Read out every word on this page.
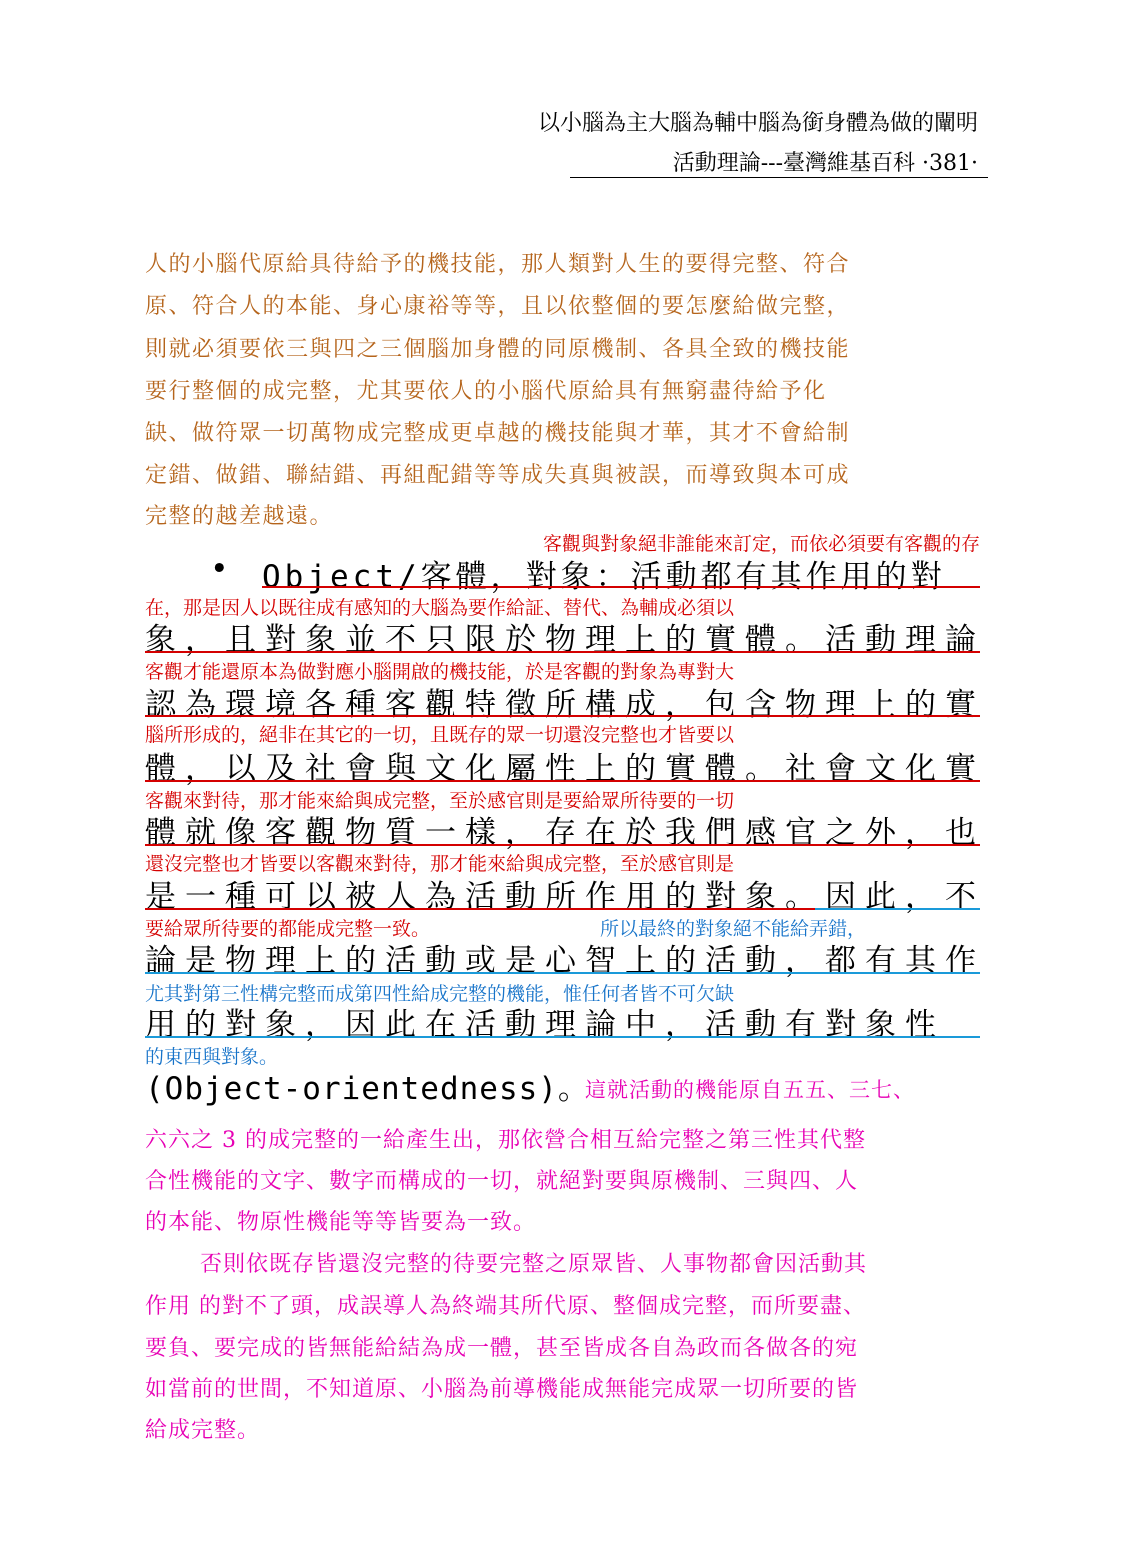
以小腦為主大腦為輔中腦為銜身體為做的闡明
活動理論---臺灣維基百科 ·381·
人的小腦代原給具待給予的機技能，那人類對人生的要得完整、符合
原、符合人的本能、身心康裕等等，且以依整個的要怎麼給做完整，
則就必須要依三與四之三個腦加身體的同原機制、各具全致的機技能
要行整個的成完整，尤其要依人的小腦代原給具有無窮盡待給予化
缺、做符眾一切萬物成完整成更卓越的機技能與才華，其才不會給制
定錯、做錯、聯結錯、再組配錯等等成失真與被誤，而導致與本可成
完整的越差越遠。
客觀與對象絕非誰能來訂定，而依必須要有客觀的存
• Object/客體，對象：活動都有其作用的對
在，那是因人以既往成有感知的大腦為要作給証、替代、為輔成必須以
象，且對象並不只限於物理上的實體。活動理論
客觀才能還原本為做對應小腦開啟的機技能，於是客觀的對象為專對大
認為環境各種客觀特徵所構成，包含物理上的實
腦所形成的，絕非在其它的一切，且既存的眾一切還沒完整也才皆要以
體，以及社會與文化屬性上的實體。社會文化實
客觀來對待，那才能來給與成完整，至於感官則是要給眾所待要的一切
體就像客觀物質一樣，存在於我們感官之外，也
還沒完整也才皆要以客觀來對待，那才能來給與成完整，至於感官則是
是一種可以被人為活動所作用的對象。因此，不
要給眾所待要的都能成完整一致。	所以最終的對象絕不能給弄錯，
論是物理上的活動或是心智上的活動，都有其作
尤其對第三性構完整而成第四性給成完整的機能，惟任何者皆不可欠缺
用的對象，因此在活動理論中，活動有對象性
的東西與對象。
(Object-orientedness)。
這就活動的機能原自五五、三七、
六六之 3 的成完整的一給產生出，那依營合相互給完整之第三性其代整
合性機能的文字、數字而構成的一切，就絕對要與原機制、三與四、人
的本能、物原性機能等等皆要為一致。
否則依既存皆還沒完整的待要完整之原眾皆、人事物都會因活動其
作用 的對不了頭，成誤導人為終端其所代原、整個成完整，而所要盡、
要負、要完成的皆無能給結為成一體，甚至皆成各自為政而各做各的宛
如當前的世間，不知道原、小腦為前導機能成無能完成眾一切所要的皆
給成完整。
